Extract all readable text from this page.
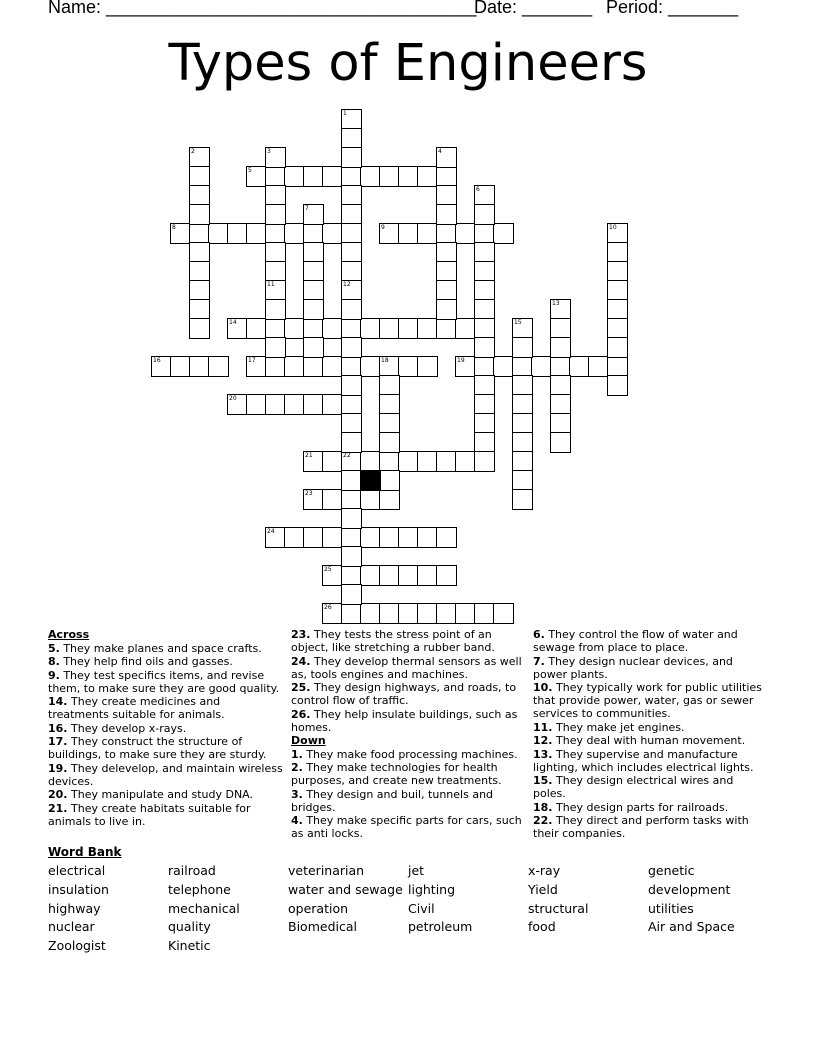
Name: _____________________________________
Date: _______ Period: _______
Types of Engineers
1
2	3	4
5
6
7
8	9	10
11	12
13
14	15
16	17	18	19
20
21	22
23
24
25
26

Across

5. They make planes and space crafts.

8. They help find oils and gasses.

9. They test specifics items, and revise them, to make sure they are good quality.

14. They create medicines and treatments suitable for animals.

16. They develop x-rays.

17. They construct the structure of buildings, to make sure they are sturdy.

19. They delevelop, and maintain wireless devices.

20. They manipulate and study DNA.

21. They create habitats suitable for animals to live in.

23. They tests the stress point of an object, like stretching a rubber band.

24. They develop thermal sensors as well as, tools engines and machines.

25. They design highways, and roads, to control flow of traffic.

26. They help insulate buildings, such as homes.

Down

1. They make food processing machines.

2. They make technologies for health purposes, and create new treatments.

3. They design and buil, tunnels and bridges.

4. They make specific parts for cars, such as anti locks.

6. They control the flow of water and sewage from place to place.

7. They design nuclear devices, and power plants.

10. They typically work for public utilities that provide power, water, gas or sewer services to communities.

11. They make jet engines.

12. They deal with human movement.

13. They supervise and manufacture lighting, which includes electrical lights.

15. They design electrical wires and poles.

18. They design parts for railroads.

22. They direct and perform tasks with their companies.

Word Bank
electrical
insulation
highway
nuclear
Zoologist
railroad
telephone
mechanical
quality
Kinetic
veterinarian
water and sewage
operation
Biomedical
jet
lighting
Civil
petroleum
x-ray
Yield
structural
food
genetic
development
utilities
Air and Space
